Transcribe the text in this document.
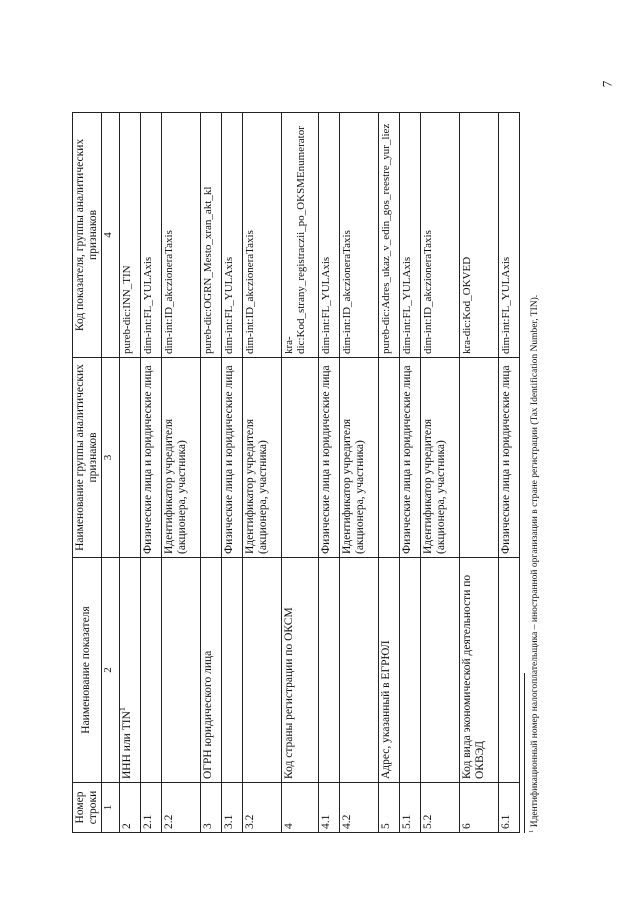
7
Номер строки	Наименование показателя	Наименование группы аналитических признаков	Код показателя, группы аналитических признаков
1	2	3	4
2	ИНН или TIN$^1$		pureb-dic:INN_TIN
2.1		Физические лица и юридические лица	dim-int:FL_YULAxis
2.2		Идентификатор учредителя (акционера, участника)	dim-int:ID_akczioneraTaxis
3	ОГРН юридического лица		pureb-dic:OGRN_Mesto_xran_akt_kl
3.1		Физические лица и юридические лица	dim-int:FL_YULAxis
3.2		Идентификатор учредителя (акционера, участника)	dim-int:ID_akczioneraTaxis
4	Код страны регистрации по ОКСМ		kra-dic:Kod_strany_registraczii_po_OKSMEnumerator
4.1		Физические лица и юридические лица	dim-int:FL_YULAxis
4.2		Идентификатор учредителя (акционера, участника)	dim-int:ID_akczioneraTaxis
5	Адрес, указанный в ЕГРЮЛ		pureb-dic:Adres_ukaz_v_edin_gos_reestre_yur_liez
5.1		Физические лица и юридические лица	dim-int:FL_YULAxis
5.2		Идентификатор учредителя (акционера, участника)	dim-int:ID_akczioneraTaxis
6	Код вида экономической деятельности по ОКВЭД		kra-dic:Kod_OKVED
6.1		Физические лица и юридические лица	dim-int:FL_YULAxis
$^1$ Идентификационный номер налогоплательщика – иностранной организации в стране регистрации (Tax Identification Number, TIN).
